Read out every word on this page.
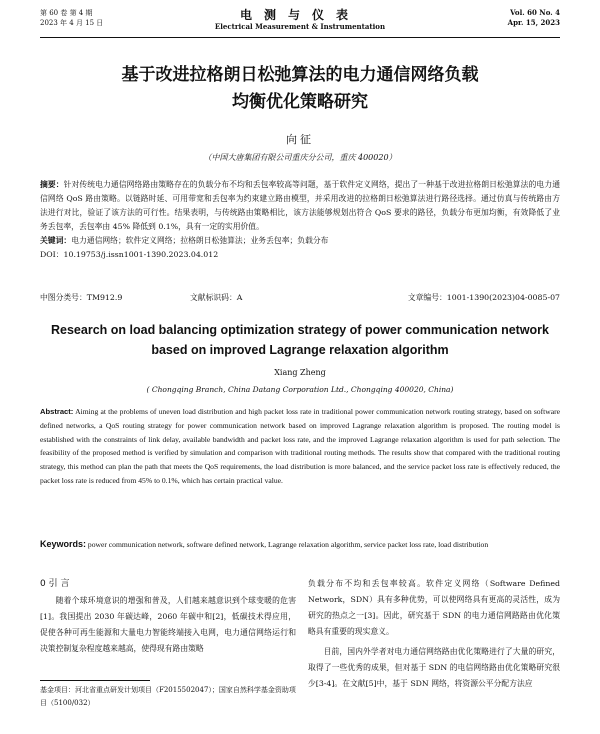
第 60 卷 第 4 期
2023 年 4 月 15 日
电测与仪表
Electrical Measurement & Instrumentation
Vol. 60 No. 4
Apr. 15, 2023
基于改进拉格朗日松弛算法的电力通信网络负载
均衡优化策略研究
向征
（中国大唐集团有限公司重庆分公司，重庆 400020）
摘要：针对传统电力通信网络路由策略存在的负载分布不均和丢包率较高等问题，基于软件定义网络，提出了一种基于改进拉格朗日松弛算法的电力通信网络 QoS 路由策略。以链路时延、可用带宽和丢包率为约束建立路由模型，并采用改进的拉格朗日松弛算法进行路径选择。通过仿真与传统路由方法进行对比，验证了该方法的可行性。结果表明，与传统路由策略相比，该方法能够规划出符合 QoS 要求的路径，负载分布更加均衡，有效降低了业务丢包率，丢包率由 45% 降低到 0.1%，具有一定的实用价值。
关键词：电力通信网络；软件定义网络；拉格朗日松弛算法；业务丢包率；负载分布
DOI：10.19753/j.issn1001-1390.2023.04.012
中图分类号：TM912.9	文献标识码：A	文章编号：1001-1390(2023)04-0085-07
Research on load balancing optimization strategy of power communication network
based on improved Lagrange relaxation algorithm
Xiang Zheng
( Chongqing Branch, China Datang Corporation Ltd., Chongqing 400020, China)
Abstract: Aiming at the problems of uneven load distribution and high packet loss rate in traditional power communication network routing strategy, based on software defined networks, a QoS routing strategy for power communication network based on improved Lagrange relaxation algorithm is proposed. The routing model is established with the constraints of link delay, available bandwidth and packet loss rate, and the improved Lagrange relaxation algorithm is used for path selection. The feasibility of the proposed method is verified by simulation and comparison with traditional routing methods. The results show that compared with the traditional routing strategy, this method can plan the path that meets the QoS requirements, the load distribution is more balanced, and the service packet loss rate is effectively reduced, the packet loss rate is reduced from 45% to 0.1%, which has certain practical value.
Keywords: power communication network, software defined network, Lagrange relaxation algorithm, service packet loss rate, load distribution
0 引 言
随着个球环境意识的增强和普及，人们越来越意识到个球变暖的危害[1]。我国提出 2030 年碳达峰，2060 年碳中和[2]，低碳技术得应用，促使各种可再生能源和大量电力智能终端接入电网，电力通信网络运行和决策控制复杂程度越来越高，使得现有路由策略

负载分布不均和丢包率较高。软件定义网络（Software Defined Network，SDN）具有多种优势，可以使网络具有更高的灵活性，成为研究的热点之一[3]。因此，研究基于 SDN 的电力通信网路路由优化策略具有重要的现实意义。

目前，国内外学者对电力通信网络路由优化策略进行了大量的研究，取得了一些优秀的成果，但对基于 SDN 的电信网络路由优化策略研究很少[3-4]。在文献[5]中，基于 SDN 网络，将资源公平分配方法应

基金项目：河北省重点研发计划项目（F2015502047）；国家自然科学基金资助项目（5100/032）
